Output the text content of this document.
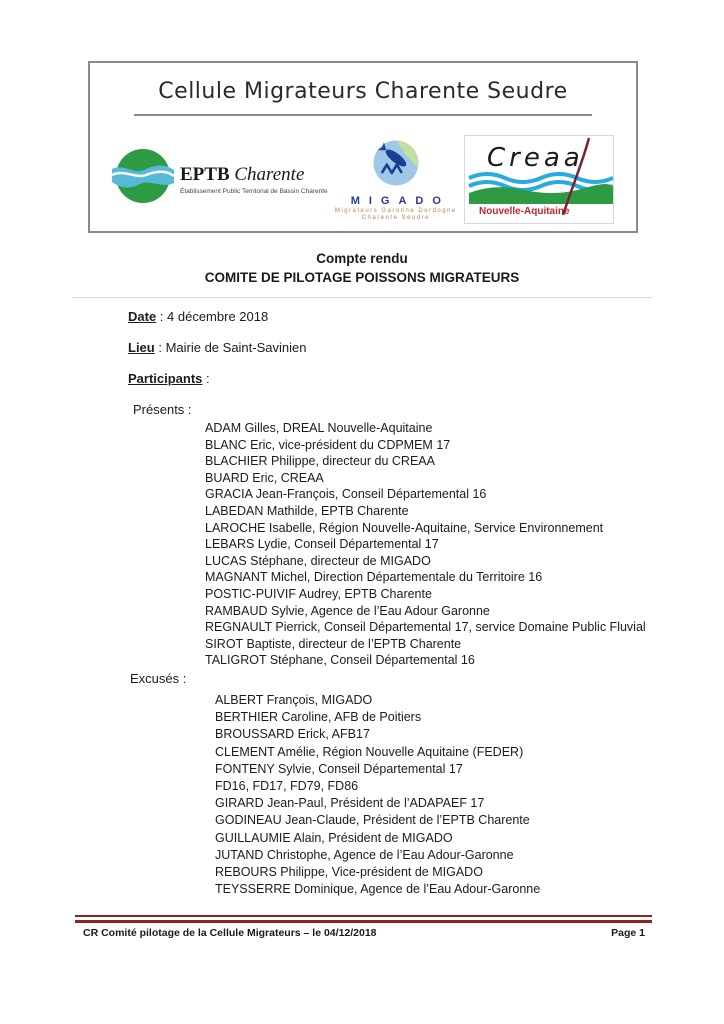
Cellule Migrateurs Charente Seudre
EPTB Charente
Établissement Public Territorial de Bassin Charente
MIGADO
Migrateurs Garonne Dordogne
Charente Seudre
Creaa
Nouvelle-Aquitaine
Compte rendu
COMITE DE PILOTAGE POISSONS MIGRATEURS
Date : 4 décembre 2018
Lieu : Mairie de Saint-Savinien
Participants :
Présents :
ADAM Gilles, DREAL Nouvelle-Aquitaine
BLANC Eric, vice-président du CDPMEM 17
BLACHIER Philippe, directeur du CREAA
BUARD Eric, CREAA
GRACIA Jean-François, Conseil Départemental 16
LABEDAN Mathilde, EPTB Charente
LAROCHE Isabelle, Région Nouvelle-Aquitaine, Service Environnement
LEBARS Lydie, Conseil Départemental 17
LUCAS Stéphane, directeur de MIGADO
MAGNANT Michel, Direction Départementale du Territoire 16
POSTIC-PUIVIF Audrey, EPTB Charente
RAMBAUD Sylvie, Agence de l’Eau Adour Garonne
REGNAULT Pierrick, Conseil Départemental 17, service Domaine Public Fluvial
SIROT Baptiste, directeur de l’EPTB Charente
TALIGROT Stéphane, Conseil Départemental 16
Excusés :
ALBERT François, MIGADO
BERTHIER Caroline, AFB de Poitiers
BROUSSARD Erick, AFB17
CLEMENT Amélie, Région Nouvelle Aquitaine (FEDER)
FONTENY Sylvie, Conseil Départemental 17
FD16, FD17, FD79, FD86
GIRARD Jean-Paul, Président de l’ADAPAEF 17
GODINEAU Jean-Claude, Président de l’EPTB Charente
GUILLAUMIE Alain, Président de MIGADO
JUTAND Christophe, Agence de l’Eau Adour-Garonne
REBOURS Philippe, Vice-président de MIGADO
TEYSSERRE Dominique, Agence de l’Eau Adour-Garonne
CR Comité pilotage de la Cellule Migrateurs – le 04/12/2018	Page 1
